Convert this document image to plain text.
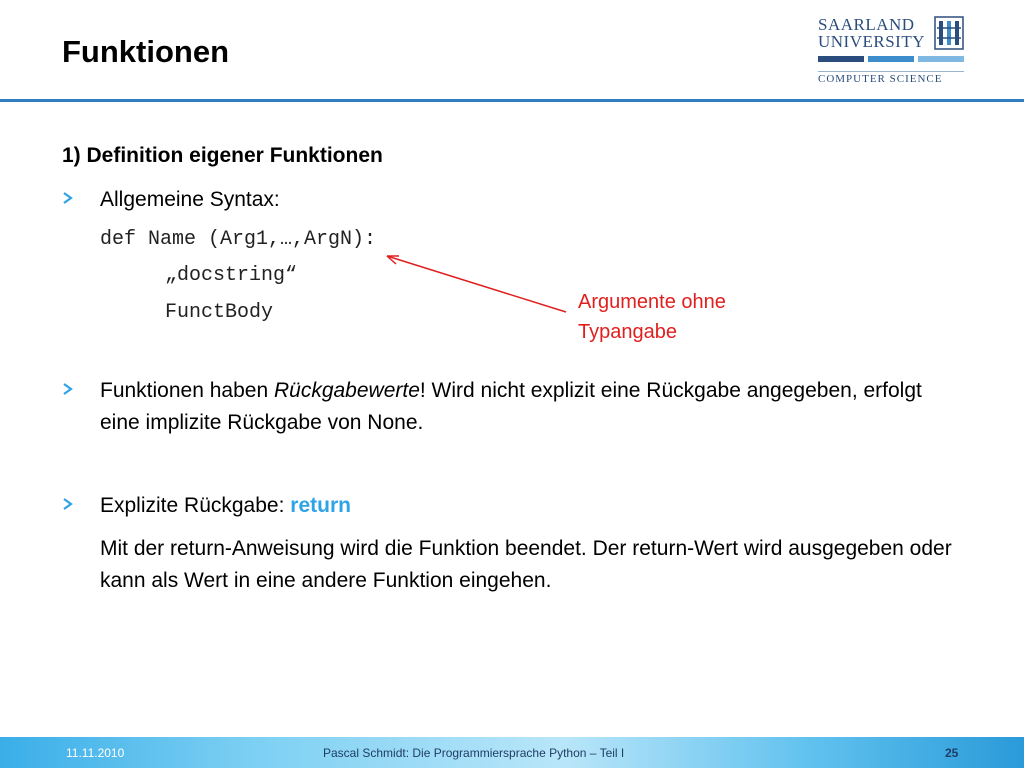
Funktionen
SAARLAND
UNIVERSITY
COMPUTER SCIENCE
1) Definition eigener Funktionen
Allgemeine Syntax:
def Name (Arg1,…,ArgN):
„docstring“
FunctBody	Argumente ohne
Typangabe
Funktionen haben Rückgabewerte! Wird nicht explizit eine Rückgabe angegeben, erfolgt eine implizite Rückgabe von None.
Explizite Rückgabe: return
Mit der return-Anweisung wird die Funktion beendet. Der return-Wert wird ausgegeben oder kann als Wert in eine andere Funktion eingehen.
11.11.2010	Pascal Schmidt: Die Programmiersprache Python – Teil I	25
